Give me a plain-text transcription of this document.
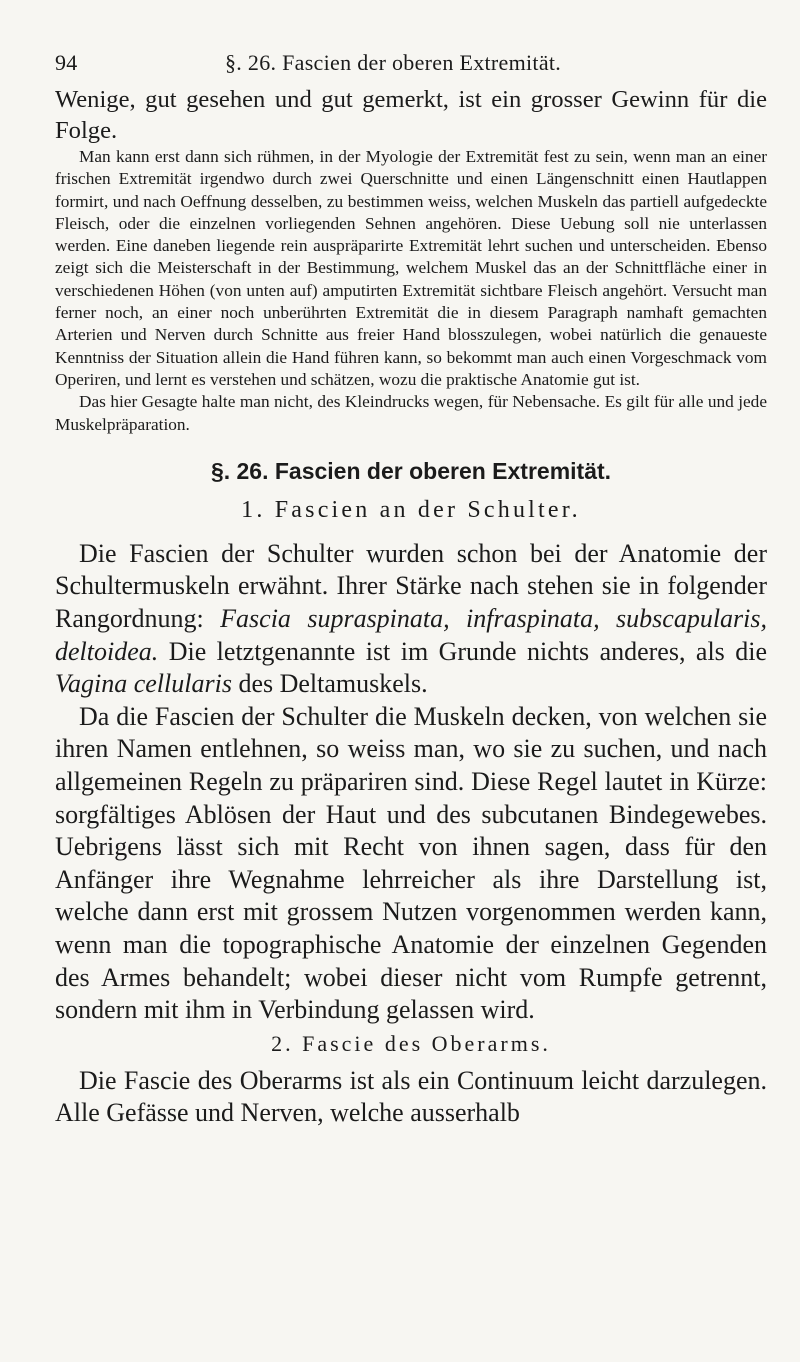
94	§. 26. Fascien der oberen Extremität.

Wenige, gut gesehen und gut gemerkt, ist ein grosser Gewinn für die Folge.

Man kann erst dann sich rühmen, in der Myologie der Extremität fest zu sein, wenn man an einer frischen Extremität irgendwo durch zwei Querschnitte und einen Längenschnitt einen Hautlappen formirt, und nach Oeffnung desselben, zu bestimmen weiss, welchen Muskeln das partiell aufgedeckte Fleisch, oder die einzelnen vorliegenden Sehnen angehören. Diese Uebung soll nie unterlassen werden. Eine daneben liegende rein auspräparirte Extremität lehrt suchen und unterscheiden. Ebenso zeigt sich die Meisterschaft in der Bestimmung, welchem Muskel das an der Schnittfläche einer in verschiedenen Höhen (von unten auf) amputirten Extremität sichtbare Fleisch angehört. Versucht man ferner noch, an einer noch unberührten Extremität die in diesem Paragraph namhaft gemachten Arterien und Nerven durch Schnitte aus freier Hand blosszulegen, wobei natürlich die genaueste Kenntniss der Situation allein die Hand führen kann, so bekommt man auch einen Vorgeschmack vom Operiren, und lernt es verstehen und schätzen, wozu die praktische Anatomie gut ist.

Das hier Gesagte halte man nicht, des Kleindrucks wegen, für Nebensache. Es gilt für alle und jede Muskelpräparation.

§. 26. Fascien der oberen Extremität.
1. Fascien an der Schulter.

Die Fascien der Schulter wurden schon bei der Anatomie der Schultermuskeln erwähnt. Ihrer Stärke nach stehen sie in folgender Rangordnung: Fascia supraspinata, infraspinata, subscapularis, deltoidea. Die letztgenannte ist im Grunde nichts anderes, als die Vagina cellularis des Deltamuskels.

Da die Fascien der Schulter die Muskeln decken, von welchen sie ihren Namen entlehnen, so weiss man, wo sie zu suchen, und nach allgemeinen Regeln zu präpariren sind. Diese Regel lautet in Kürze: sorgfältiges Ablösen der Haut und des subcutanen Bindegewebes. Uebrigens lässt sich mit Recht von ihnen sagen, dass für den Anfänger ihre Wegnahme lehrreicher als ihre Darstellung ist, welche dann erst mit grossem Nutzen vorgenommen werden kann, wenn man die topographische Anatomie der einzelnen Gegenden des Armes behandelt; wobei dieser nicht vom Rumpfe getrennt, sondern mit ihm in Verbindung gelassen wird.

2. Fascie des Oberarms.

Die Fascie des Oberarms ist als ein Continuum leicht darzulegen. Alle Gefässe und Nerven, welche ausserhalb
